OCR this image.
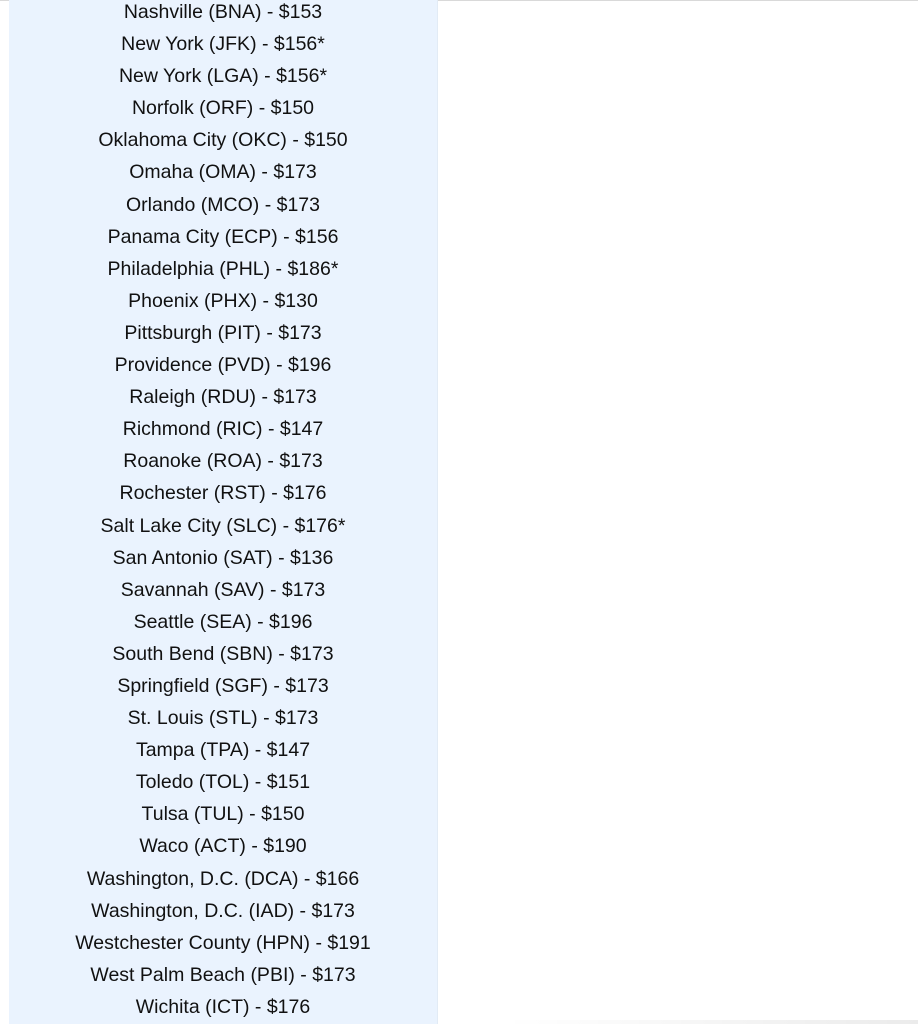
Nashville (BNA) - $153
New York (JFK) - $156*
New York (LGA) - $156*
Norfolk (ORF) - $150
Oklahoma City (OKC) - $150
Omaha (OMA) - $173
Orlando (MCO) - $173
Panama City (ECP) - $156
Philadelphia (PHL) - $186*
Phoenix (PHX) - $130
Pittsburgh (PIT) - $173
Providence (PVD) - $196
Raleigh (RDU) - $173
Richmond (RIC) - $147
Roanoke (ROA) - $173
Rochester (RST) - $176
Salt Lake City (SLC) - $176*
San Antonio (SAT) - $136
Savannah (SAV) - $173
Seattle (SEA) - $196
South Bend (SBN) - $173
Springfield (SGF) - $173
St. Louis (STL) - $173
Tampa (TPA) - $147
Toledo (TOL) - $151
Tulsa (TUL) - $150
Waco (ACT) - $190
Washington, D.C. (DCA) - $166
Washington, D.C. (IAD) - $173
Westchester County (HPN) - $191
West Palm Beach (PBI) - $173
Wichita (ICT) - $176
